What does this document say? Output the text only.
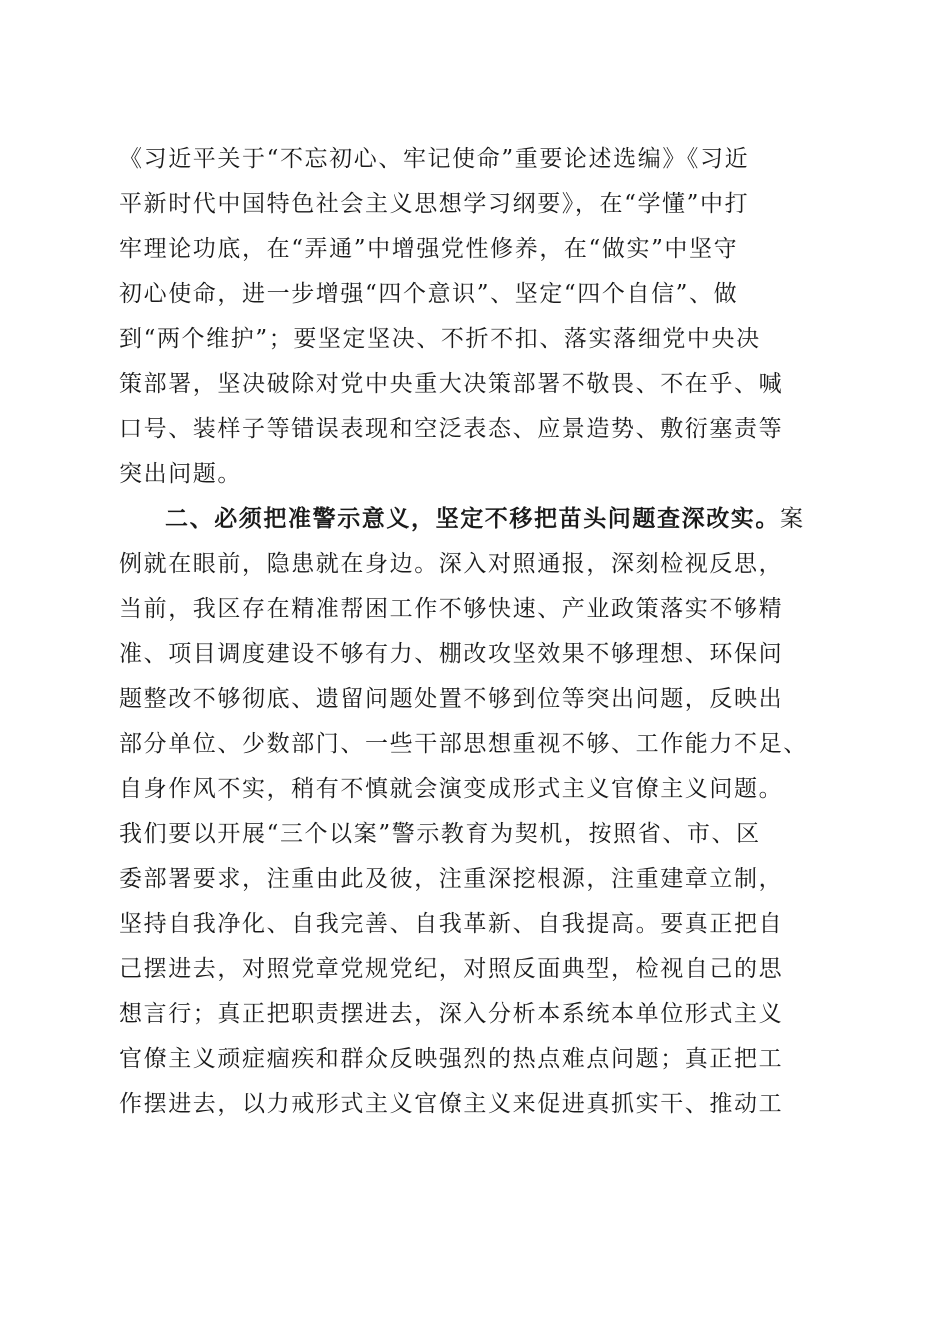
《习近平关于“不忘初心、牢记使命”重要论述选编》《习近
平新时代中国特色社会主义思想学习纲要》，在“学懂”中打
牢理论功底，在“弄通”中增强党性修养，在“做实”中坚守
初心使命，进一步增强“四个意识”、坚定“四个自信”、做
到“两个维护”；要坚定坚决、不折不扣、落实落细党中央决
策部署，坚决破除对党中央重大决策部署不敬畏、不在乎、喊
口号、装样子等错误表现和空泛表态、应景造势、敷衍塞责等
突出问题。
二、必须把准警示意义，坚定不移把苗头问题查深改实。案
例就在眼前，隐患就在身边。深入对照通报，深刻检视反思，
当前，我区存在精准帮困工作不够快速、产业政策落实不够精
准、项目调度建设不够有力、棚改攻坚效果不够理想、环保问
题整改不够彻底、遗留问题处置不够到位等突出问题，反映出
部分单位、少数部门、一些干部思想重视不够、工作能力不足、
自身作风不实，稍有不慎就会演变成形式主义官僚主义问题。
我们要以开展“三个以案”警示教育为契机，按照省、市、区
委部署要求，注重由此及彼，注重深挖根源，注重建章立制，
坚持自我净化、自我完善、自我革新、自我提高。要真正把自
己摆进去，对照党章党规党纪，对照反面典型，检视自己的思
想言行；真正把职责摆进去，深入分析本系统本单位形式主义
官僚主义顽症痼疾和群众反映强烈的热点难点问题；真正把工
作摆进去，以力戒形式主义官僚主义来促进真抓实干、推动工
